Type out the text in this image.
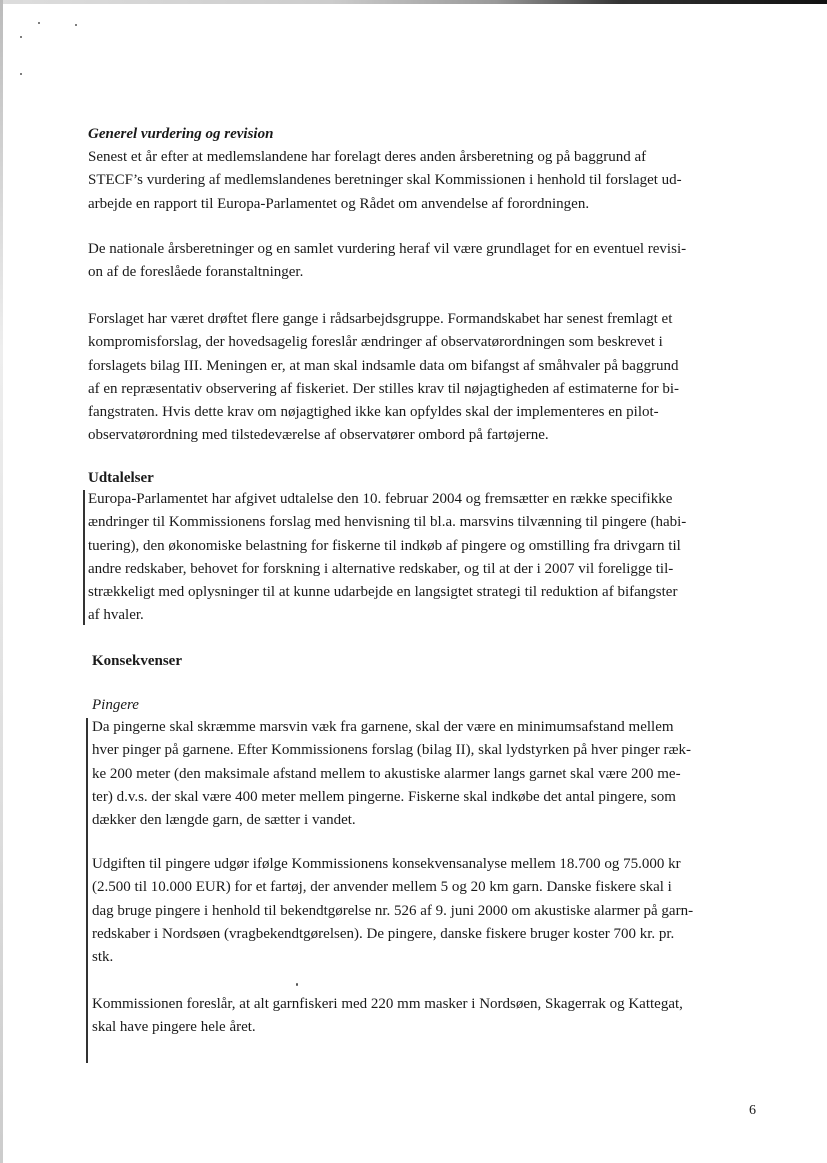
Generel vurdering og revision
Senest et år efter at medlemslandene har forelagt deres anden årsberetning og på baggrund af
STECF’s vurdering af medlemslandenes beretninger skal Kommissionen i henhold til forslaget ud-
arbejde en rapport til Europa-Parlamentet og Rådet om anvendelse af forordningen.
De nationale årsberetninger og en samlet vurdering heraf vil være grundlaget for en eventuel revisi-
on af de foreslåede foranstaltninger.
Forslaget har været drøftet flere gange i rådsarbejdsgruppe. Formandskabet har senest fremlagt et
kompromisforslag, der hovedsagelig foreslår ændringer af observatørordningen som beskrevet i
forslagets bilag III. Meningen er, at man skal indsamle data om bifangst af småhvaler på baggrund
af en repræsentativ observering af fiskeriet. Der stilles krav til nøjagtigheden af estimaterne for bi-
fangstraten. Hvis dette krav om nøjagtighed ikke kan opfyldes skal der implementeres en pilot-
observatørordning med tilstedeværelse af observatører ombord på fartøjerne.
Udtalelser
Europa-Parlamentet har afgivet udtalelse den 10. februar 2004 og fremsætter en række specifikke
ændringer til Kommissionens forslag med henvisning til bl.a. marsvins tilvænning til pingere (habi-
tuering), den økonomiske belastning for fiskerne til indkøb af pingere og omstilling fra drivgarn til
andre redskaber, behovet for forskning i alternative redskaber, og til at der i 2007 vil foreligge til-
strækkeligt med oplysninger til at kunne udarbejde en langsigtet strategi til reduktion af bifangster
af hvaler.
Konsekvenser
Pingere
Da pingerne skal skræmme marsvin væk fra garnene, skal der være en minimumsafstand mellem
hver pinger på garnene. Efter Kommissionens forslag (bilag II), skal lydstyrken på hver pinger ræk-
ke 200 meter (den maksimale afstand mellem to akustiske alarmer langs garnet skal være 200 me-
ter) d.v.s. der skal være 400 meter mellem pingerne. Fiskerne skal indkøbe det antal pingere, som
dækker den længde garn, de sætter i vandet.
Udgiften til pingere udgør ifølge Kommissionens konsekvensanalyse mellem 18.700 og 75.000 kr
(2.500 til 10.000 EUR) for et fartøj, der anvender mellem 5 og 20 km garn. Danske fiskere skal i
dag bruge pingere i henhold til bekendtgørelse nr. 526 af 9. juni 2000 om akustiske alarmer på garn-
redskaber i Nordsøen (vragbekendtgørelsen). De pingere, danske fiskere bruger koster 700 kr. pr.
stk.
Kommissionen foreslår, at alt garnfiskeri med 220 mm masker i Nordsøen, Skagerrak og Kattegat,
skal have pingere hele året.
6
